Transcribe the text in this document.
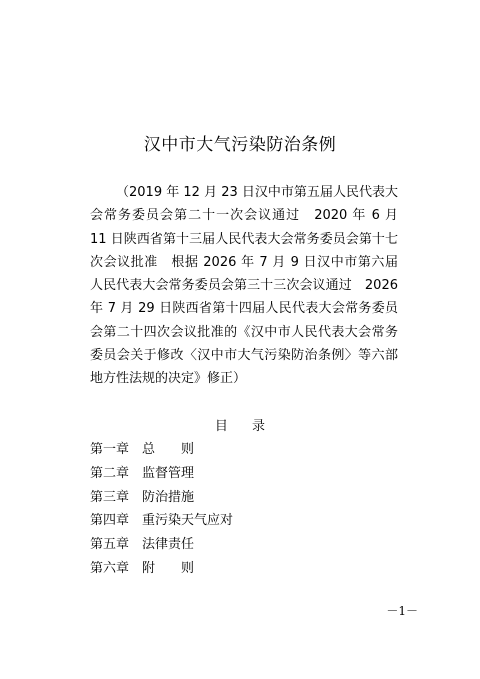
汉中市大气污染防治条例

（2019 年 12 月 23 日汉中市第五届人民代表大会常务委员会第二十一次会议通过　2020 年 6 月 11 日陕西省第十三届人民代表大会常务委员会第十七次会议批准　根据 2026 年 7 月 9 日汉中市第六届人民代表大会常务委员会第三十三次会议通过　2026 年 7 月 29 日陕西省第十四届人民代表大会常务委员会第二十四次会议批准的《汉中市人民代表大会常务委员会关于修改〈汉中市大气污染防治条例〉等六部地方性法规的决定》修正）

目 录
第一章 总　　则
第二章 监督管理
第三章 防治措施
第四章 重污染天气应对
第五章 法律责任
第六章 附　　则
－1－
